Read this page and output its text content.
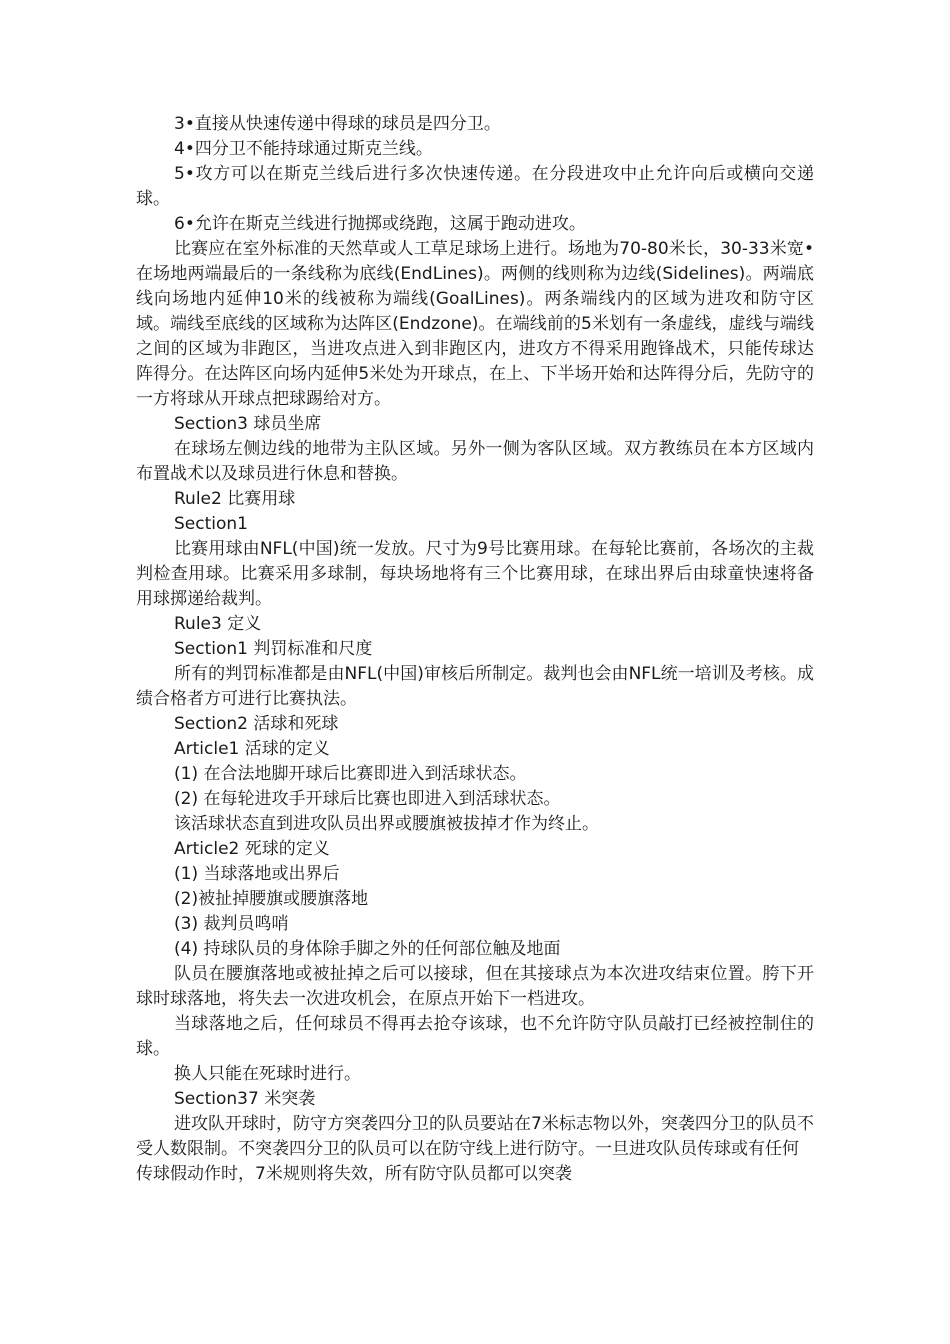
3•直接从快速传递中得球的球员是四分卫。

4•四分卫不能持球通过斯克兰线。

5•攻方可以在斯克兰线后进行多次快速传递。在分段进攻中止允许向后或横向交递球。

6•允许在斯克兰线进行抛掷或绕跑，这属于跑动进攻。

比赛应在室外标准的天然草或人工草足球场上进行。场地为70-80米长，30-33米宽•在场地两端最后的一条线称为底线(EndLines)。两侧的线则称为边线(Sidelines)。两端底线向场地内延伸10米的线被称为端线(GoalLines)。两条端线内的区域为进攻和防守区域。端线至底线的区域称为达阵区(Endzone)。在端线前的5米划有一条虚线，虚线与端线之间的区域为非跑区，当进攻点进入到非跑区内，进攻方不得采用跑锋战术，只能传球达阵得分。在达阵区向场内延伸5米处为开球点，在上、下半场开始和达阵得分后，先防守的一方将球从开球点把球踢给对方。

Section3 球员坐席

在球场左侧边线的地带为主队区域。另外一侧为客队区域。双方教练员在本方区域内布置战术以及球员进行休息和替换。

Rule2 比赛用球

Section1

比赛用球由NFL(中国)统一发放。尺寸为9号比赛用球。在每轮比赛前，各场次的主裁判检查用球。比赛采用多球制，每块场地将有三个比赛用球，在球出界后由球童快速将备用球掷递给裁判。

Rule3 定义

Section1 判罚标准和尺度

所有的判罚标准都是由NFL(中国)审核后所制定。裁判也会由NFL统一培训及考核。成绩合格者方可进行比赛执法。

Section2 活球和死球

Article1 活球的定义

(1) 在合法地脚开球后比赛即进入到活球状态。

(2) 在每轮进攻手开球后比赛也即进入到活球状态。

该活球状态直到进攻队员出界或腰旗被拔掉才作为终止。

Article2 死球的定义

(1) 当球落地或出界后

(2)被扯掉腰旗或腰旗落地

(3) 裁判员鸣哨

(4) 持球队员的身体除手脚之外的任何部位触及地面

队员在腰旗落地或被扯掉之后可以接球，但在其接球点为本次进攻结束位置。胯下开球时球落地，将失去一次进攻机会，在原点开始下一档进攻。

当球落地之后，任何球员不得再去抢夺该球，也不允许防守队员敲打已经被控制住的球。

换人只能在死球时进行。

Section37 米突袭

进攻队开球时，防守方突袭四分卫的队员要站在7米标志物以外，突袭四分卫的队员不受人数限制。不突袭四分卫的队员可以在防守线上进行防守。一旦进攻队员传球或有任何传球假动作时，7米规则将失效，所有防守队员都可以突袭
